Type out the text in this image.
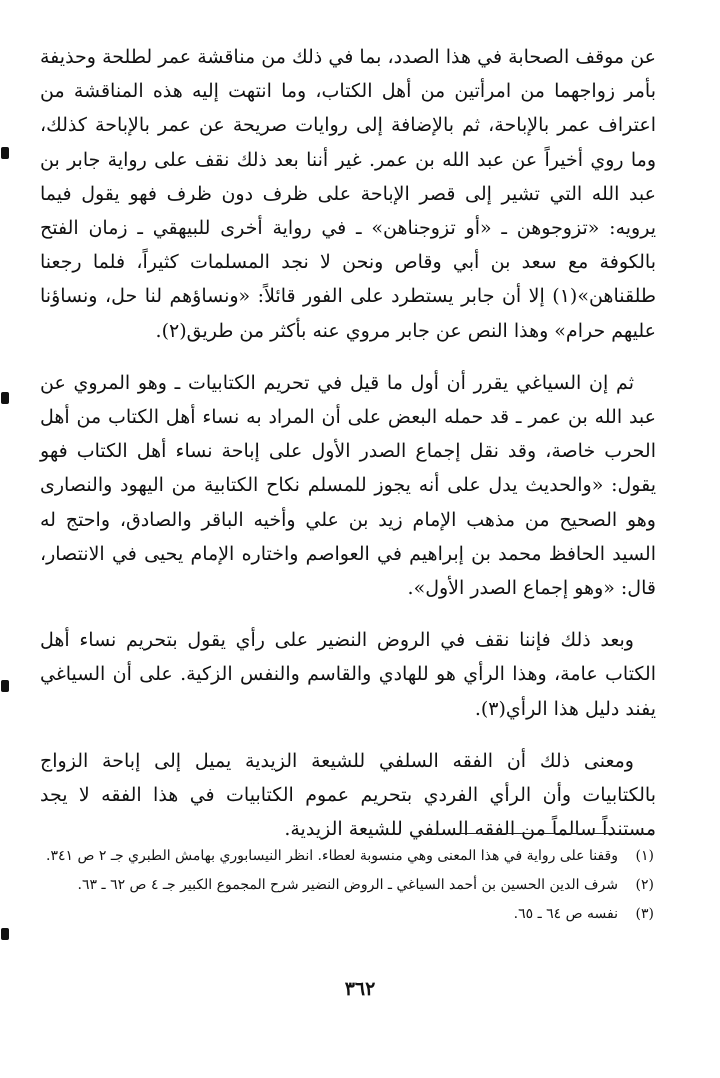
عن موقف الصحابة في هذا الصدد، بما في ذلك من مناقشة عمر لطلحة وحذيفة بأمر زواجهما من امرأتين من أهل الكتاب، وما انتهت إليه هذه المناقشة من اعتراف عمر بالإباحة، ثم بالإضافة إلى روايات صريحة عن عمر بالإباحة كذلك، وما روي أخيراً عن عبد الله بن عمر. غير أننا بعد ذلك نقف على رواية جابر بن عبد الله التي تشير إلى قصر الإباحة على ظرف دون ظرف فهو يقول فيما يرويه: «تزوجوهن ـ «أو تزوجناهن» ـ في رواية أخرى للبيهقي ـ زمان الفتح بالكوفة مع سعد بن أبي وقاص ونحن لا نجد المسلمات كثيراً، فلما رجعنا طلقناهن»(١) إلا أن جابر يستطرد على الفور قائلاً: «ونساؤهم لنا حل، ونساؤنا عليهم حرام» وهذا النص عن جابر مروي عنه بأكثر من طريق(٢).

ثم إن السياغي يقرر أن أول ما قيل في تحريم الكتابيات ـ وهو المروي عن عبد الله بن عمر ـ قد حمله البعض على أن المراد به نساء أهل الكتاب من أهل الحرب خاصة، وقد نقل إجماع الصدر الأول على إباحة نساء أهل الكتاب فهو يقول: «والحديث يدل على أنه يجوز للمسلم نكاح الكتابية من اليهود والنصارى وهو الصحيح من مذهب الإمام زيد بن علي وأخيه الباقر والصادق، واحتج له السيد الحافظ محمد بن إبراهيم في العواصم واختاره الإمام يحيى في الانتصار، قال: «وهو إجماع الصدر الأول».

وبعد ذلك فإننا نقف في الروض النضير على رأي يقول بتحريم نساء أهل الكتاب عامة، وهذا الرأي هو للهادي والقاسم والنفس الزكية. على أن السياغي يفند دليل هذا الرأي(٣).

ومعنى ذلك أن الفقه السلفي للشيعة الزيدية يميل إلى إباحة الزواج بالكتابيات وأن الرأي الفردي بتحريم عموم الكتابيات في هذا الفقه لا يجد مستنداً سالماً من الفقه السلفي للشيعة الزيدية.

(١)
وقفنا على رواية في هذا المعنى وهي منسوبة لعطاء. انظر النيسابوري بهامش الطبري جـ ٢ ص ٣٤١.
(٢)
شرف الدين الحسين بن أحمد السياغي ـ الروض النضير شرح المجموع الكبير جـ ٤ ص ٦٢ ـ ٦٣.
(٣)
نفسه ص ٦٤ ـ ٦٥.
٣٦٢
